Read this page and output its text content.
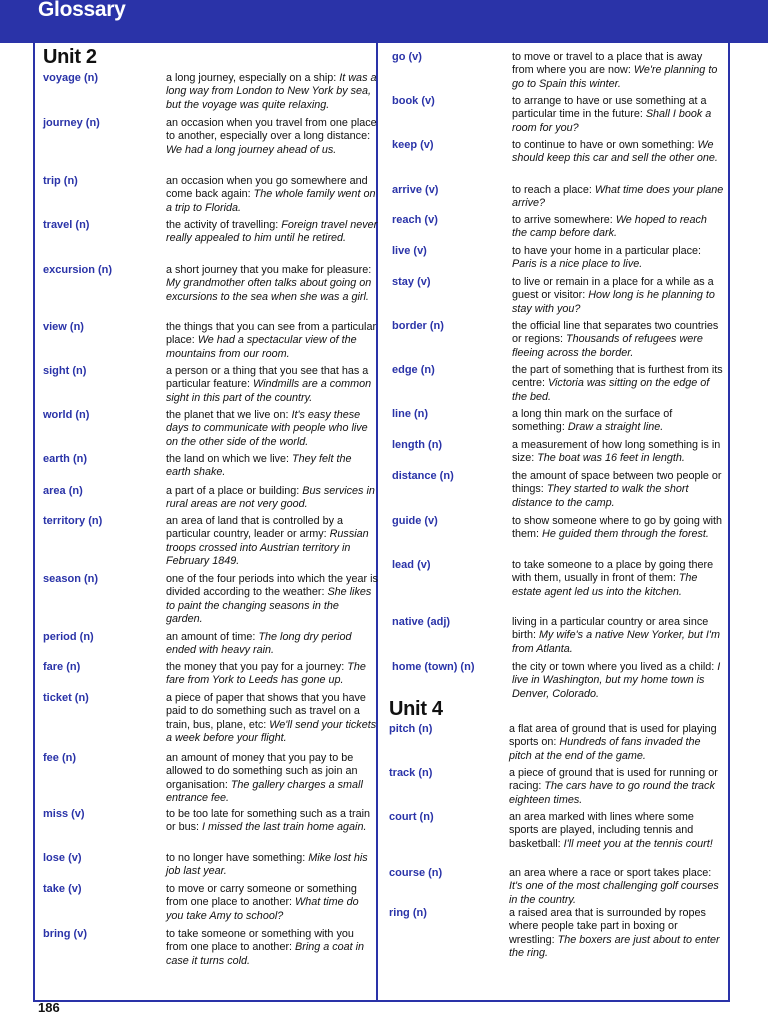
Glossary
Unit 2
voyage (n)	a long journey, especially on a ship: It was a long way from London to New York by sea, but the voyage was quite relaxing.
journey (n)	an occasion when you travel from one place to another, especially over a long distance: We had a long journey ahead of us.
trip (n)	an occasion when you go somewhere and come back again: The whole family went on a trip to Florida.
travel (n)	the activity of travelling: Foreign travel never really appealed to him until he retired.
excursion (n)	a short journey that you make for pleasure: My grandmother often talks about going on excursions to the sea when she was a girl.
view (n)	the things that you can see from a particular place: We had a spectacular view of the mountains from our room.
sight (n)	a person or a thing that you see that has a particular feature: Windmills are a common sight in this part of the country.
world (n)	the planet that we live on: It's easy these days to communicate with people who live on the other side of the world.
earth (n)	the land on which we live: They felt the earth shake.
area (n)	a part of a place or building: Bus services in rural areas are not very good.
territory (n)	an area of land that is controlled by a particular country, leader or army: Russian troops crossed into Austrian territory in February 1849.
season (n)	one of the four periods into which the year is divided according to the weather: She likes to paint the changing seasons in the garden.
period (n)	an amount of time: The long dry period ended with heavy rain.
fare (n)	the money that you pay for a journey: The fare from York to Leeds has gone up.
ticket (n)	a piece of paper that shows that you have paid to do something such as travel on a train, bus, plane, etc: We'll send your tickets a week before your flight.
fee (n)	an amount of money that you pay to be allowed to do something such as join an organisation: The gallery charges a small entrance fee.
miss (v)	to be too late for something such as a train or bus: I missed the last train home again.
lose (v)	to no longer have something: Mike lost his job last year.
take (v)	to move or carry someone or something from one place to another: What time do you take Amy to school?
bring (v)	to take someone or something with you from one place to another: Bring a coat in case it turns cold.
go (v)	to move or travel to a place that is away from where you are now: We're planning to go to Spain this winter.
book (v)	to arrange to have or use something at a particular time in the future: Shall I book a room for you?
keep (v)	to continue to have or own something: We should keep this car and sell the other one.
arrive (v)	to reach a place: What time does your plane arrive?
reach (v)	to arrive somewhere: We hoped to reach the camp before dark.
live (v)	to have your home in a particular place: Paris is a nice place to live.
stay (v)	to live or remain in a place for a while as a guest or visitor: How long is he planning to stay with you?
border (n)	the official line that separates two countries or regions: Thousands of refugees were fleeing across the border.
edge (n)	the part of something that is furthest from its centre: Victoria was sitting on the edge of the bed.
line (n)	a long thin mark on the surface of something: Draw a straight line.
length (n)	a measurement of how long something is in size: The boat was 16 feet in length.
distance (n)	the amount of space between two people or things: They started to walk the short distance to the camp.
guide (v)	to show someone where to go by going with them: He guided them through the forest.
lead (v)	to take someone to a place by going there with them, usually in front of them: The estate agent led us into the kitchen.
native (adj)	living in a particular country or area since birth: My wife's a native New Yorker, but I'm from Atlanta.
home (town) (n)	the city or town where you lived as a child: I live in Washington, but my home town is Denver, Colorado.
Unit 4
pitch (n)	a flat area of ground that is used for playing sports on: Hundreds of fans invaded the pitch at the end of the game.
track (n)	a piece of ground that is used for running or racing: The cars have to go round the track eighteen times.
court (n)	an area marked with lines where some sports are played, including tennis and basketball: I'll meet you at the tennis court!
course (n)	an area where a race or sport takes place: It's one of the most challenging golf courses in the country.
ring (n)	a raised area that is surrounded by ropes where people take part in boxing or wrestling: The boxers are just about to enter the ring.
186
